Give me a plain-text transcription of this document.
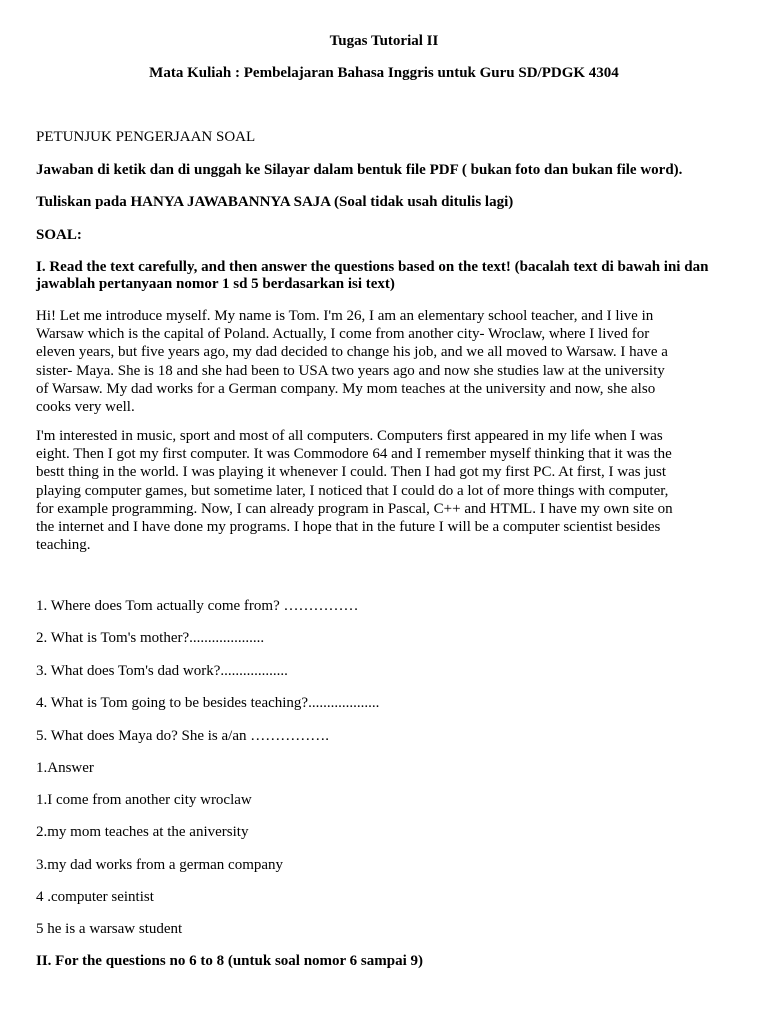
Tugas Tutorial II
Mata Kuliah : Pembelajaran Bahasa Inggris untuk Guru SD/PDGK 4304
PETUNJUK PENGERJAAN SOAL
Jawaban di ketik dan di unggah ke Silayar dalam bentuk file PDF ( bukan foto dan bukan file word).
Tuliskan pada HANYA JAWABANNYA SAJA (Soal tidak usah ditulis lagi)
SOAL:
I. Read the text carefully, and then answer the questions based on the text! (bacalah text di bawah ini dan
jawablah pertanyaan nomor 1 sd 5 berdasarkan isi text)
Hi! Let me introduce myself. My name is Tom. I'm 26, I am an elementary school teacher, and I live in
Warsaw which is the capital of Poland. Actually, I come from another city- Wroclaw, where I lived for
eleven years, but five years ago, my dad decided to change his job, and we all moved to Warsaw. I have a
sister- Maya. She is 18 and she had been to USA two years ago and now she studies law at the university
of Warsaw. My dad works for a German company. My mom teaches at the university and now, she also
cooks very well.
I'm interested in music, sport and most of all computers. Computers first appeared in my life when I was
eight. Then I got my first computer. It was Commodore 64 and I remember myself thinking that it was the
bestt thing in the world. I was playing it whenever I could. Then I had got my first PC. At first, I was just
playing computer games, but sometime later, I noticed that I could do a lot of more things with computer,
for example programming. Now, I can already program in Pascal, C++ and HTML. I have my own site on
the internet and I have done my programs. I hope that in the future I will be a computer scientist besides
teaching.
1. Where does Tom actually come from? ……………
2. What is Tom's mother?....................
3. What does Tom's dad work?..................
4. What is Tom going to be besides teaching?...................
5. What does Maya do? She is a/an …………….
1.Answer
1.I come from another city wroclaw
2.my mom teaches at the aniversity
3.my dad works from a german company
4 .computer seintist
5 he is a warsaw student
II. For the questions no 6 to 8 (untuk soal nomor 6 sampai 9)
